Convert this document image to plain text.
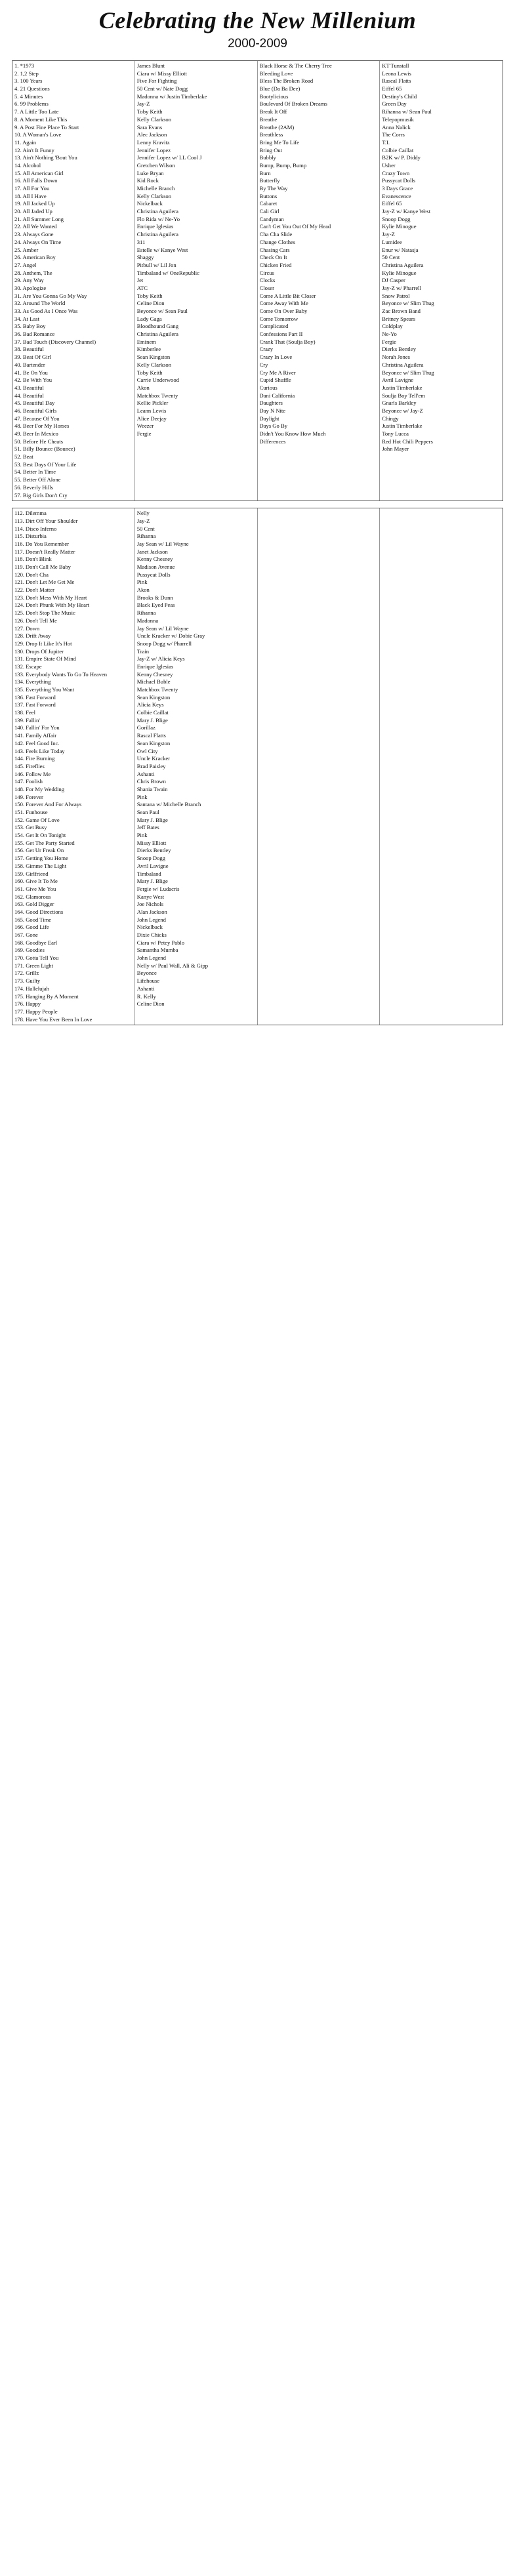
Celebrating the New Millenium
2000-2009
1. *1973
2. 1,2 Step
3. 100 Years
4. 21 Questions
5. 4 Minutes
6. 99 Problems
7. A Little Too Late
8. A Moment Like This
9. A Post Fine Place To Start
10. A Woman's Love
11. Again
12. Ain't It Funny
13. Ain't Nothing 'Bout You
14. Alcohol
15. All American Girl
16. All Falls Down
17. All For You
18. All I Have
19. All Jacked Up
20. All Jaded Up
21. All Summer Long
22. All We Wanted
23. Always Gone
24. Always On Time
25. Amber
26. American Boy
27. Angel
28. Anthem, The
29. Any Way
30. Apologize
31. Are You Gonna Go My Way
32. Around The World
33. As Good As I Once Was
34. At Last
35. Baby Boy
36. Bad Romance
37. Bad Touch (Discovery Channel)
38. Beautiful
39. Beat Of Girl
40. Bartender
41. Be On You
42. Be With You
43. Beautiful
44. Beautiful
45. Beautiful Day
46. Beautiful Girls
47. Because Of You
48. Beer For My Horses
49. Beer In Mexico
50. Before He Cheats
51. Billy Bounce (Bounce)
52. Beat
53. Best Days Of Your Life
54. Better In Time
55. Better Off Alone
56. Beverly Hills
57. Big Girls Don't Cry
James Blunt
Ciara w/ Missy Elliott
Five For Fighting
50 Cent w/ Nate Dogg
Madonna w/ Justin Timberlake
Jay-Z
Toby Keith
Kelly Clarkson
Sara Evans
Alec Jackson
Lenny Kravitz
Jennifer Lopez
Jennifer Lopez w/ LL Cool J
Gretchen Wilson
Luke Bryan
Kid Rock
Michelle Branch
Kelly Clarkson
Nickelback
Christina Aguilera
Flo Rida w/ Ne-Yo
Enrique Iglesias
Christina Aguilera
311
Estelle w/ Kanye West
Shaggy
Pitbull w/ Lil Jon
Timbaland w/ OneRepublic
Jet
ATC
Toby Keith
Celine Dion
Beyonce w/ Sean Paul
Lady Gaga
Bloodhound Gang
Christina Aguilera
Eminem
Kimberlee
Sean Kingston
Kelly Clarkson
Toby Keith
Carrie Underwood
Akon
Matchbox Twenty
Kellie Pickler
Leann Lewis
Alice Deejay
Weezer
Fergie
Black Horse & The Cherry Tree
Bleeding Love
Bless The Broken Road
Blue (Da Ba Dee)
Bootylicious
Boulevard Of Broken Dreams
Break It Off
Breathe
Breathe (2AM)
Breathless
Bring Me To Life
Bring Out
Bubbly
Bump, Bump, Bump
Burn
Butterfly
By The Way
Buttons
Cabaret
Cali Girl
Candyman
Can't Get You Out Of My Head
Cha Cha Slide
Change Clothes
Chasing Cars
Check On It
Chicken Fried
Circus
Clocks
Closer
Come A Little Bit Closer
Come Away With Me
Come On Over Baby
Come Tomorrow
Complicated
Confessions Part II
Crank That (Soulja Boy)
Crazy
Crazy In Love
Cry
Cry Me A River
Cupid Shuffle
Curious
Dani California
Daughters
Day N Nite
Daylight
Days Go By
Didn't You Know How Much
Differences
KT Tunstall
Leona Lewis
Rascal Flatts
Eiffel 65
Destiny's Child
Green Day
Rihanna w/ Sean Paul
Telepopmusik
Anna Nalick
The Corrs
T.I.
Colbie Caillat
B2K w/ P. Diddy
Usher
Crazy Town
Pussycat Dolls
3 Days Grace
Evanescence
Eiffel 65
Jay-Z w/ Kanye West
Snoop Dogg
Kylie Minogue
Jay-Z
Lumidee
Enur w/ Natasja
50 Cent
Christina Aguilera
Kylie Minogue
DJ Casper
Jay-Z w/ Pharrell
Snow Patrol
Beyonce w/ Slim Thug
Zac Brown Band
Britney Spears
Coldplay
Ne-Yo
Fergie
Dierks Bentley
Norah Jones
Christina Aguilera
Beyonce w/ Slim Thug
Avril Lavigne
Justin Timberlake
Soulja Boy Tell'em
Gnarls Barkley
Beyonce w/ Jay-Z
Chingy
Justin Timberlake
Tony Lucca
Red Hot Chili Peppers
John Mayer
112. Dilemma
113. Dirt Off Your Shoulder
114. Disco Inferno
115. Disturbia
116. Do You Remember
117. Doesn't Really Matter
118. Don't Blink
119. Don't Call Me Baby
120. Don't Cha
121. Don't Let Me Get Me
122. Don't Matter
123. Don't Mess With My Heart
124. Don't Phunk With My Heart
125. Don't Stop The Music
126. Don't Tell Me
127. Down
128. Drift Away
129. Drop It Like It's Hot
130. Drops Of Jupiter
131. Empire State Of Mind
132. Escape
133. Everybody Wants To Go To Heaven
134. Everything
135. Everything You Want
136. Fast Forward
137. Fast Forward
138. Feel
139. Fallin'
140. Fallin' For You
141. Family Affair
142. Feel Good Inc.
143. Feels Like Today
144. Fire Burning
145. Fireflies
146. Follow Me
147. Foolish
148. For My Wedding
149. Forever
150. Forever And For Always
151. Funhouse
152. Game Of Love
153. Get Busy
154. Get It On Tonight
155. Get The Party Started
156. Get Ur Freak On
157. Getting You Home
158. Gimme The Light
159. Girlfriend
160. Give It To Me
161. Give Me You
162. Glamorous
163. Gold Digger
164. Good Directions
165. Good Time
166. Good Life
167. Gone
168. Goodbye Earl
169. Goodies
170. Gotta Tell You
171. Green Light
172. Grillz
173. Guilty
174. Hallelujah
175. Hanging By A Moment
176. Happy
177. Happy People
178. Have You Ever Been In Love
Nelly
Jay-Z
50 Cent
Rihanna
Jay Sean w/ Lil Wayne
Janet Jackson
Kenny Chesney
Madison Avenue
Pussycat Dolls
Pink
Akon
Brooks & Dunn
Black Eyed Peas
Rihanna
Madonna
Jay Sean w/ Lil Wayne
Uncle Kracker w/ Dobie Gray
Snoop Dogg w/ Pharrell
Train
Jay-Z w/ Alicia Keys
Enrique Iglesias
Kenny Chesney
Michael Buble
Matchbox Twenty
Sean Kingston
Alicia Keys
Colbie Caillat
Mary J. Blige
Gorillaz
Rascal Flatts
Sean Kingston
Owl City
Uncle Kracker
Brad Paisley
Ashanti
Chris Brown
Shania Twain
Pink
Santana w/ Michelle Branch
Sean Paul
Mary J. Blige
Jeff Bates
Pink
Missy Elliott
Dierks Bentley
Snoop Dogg
Avril Lavigne
Timbaland
Mary J. Blige
Fergie w/ Ludacris
Kanye West
Joe Nichols
Alan Jackson
John Legend
Nickelback
Dixie Chicks
Ciara w/ Petey Pablo
Samantha Mumba
John Legend
Nelly w/ Paul Wall, Ali & Gipp
Beyonce
Lifehouse
Ashanti
R. Kelly
Celine Dion
